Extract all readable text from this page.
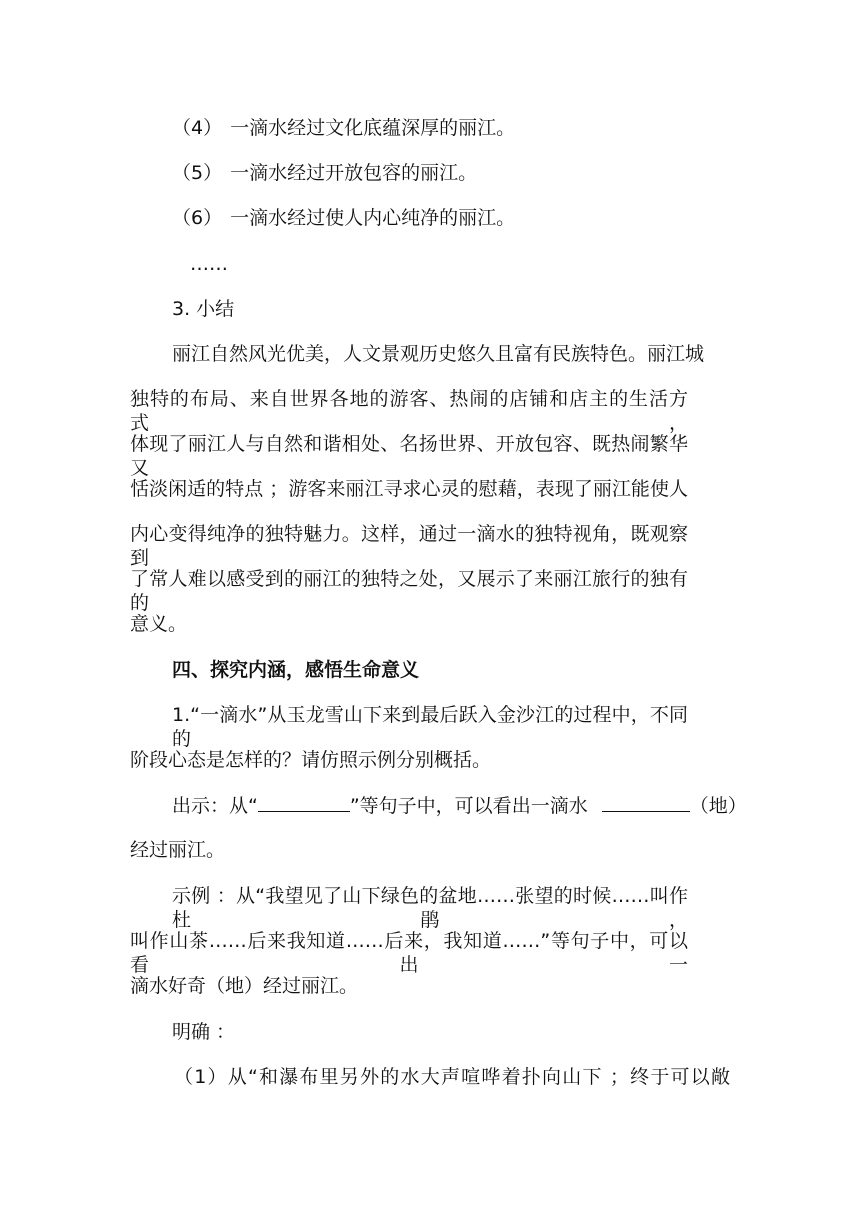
（4） 一滴水经过文化底蕴深厚的丽江。
（5） 一滴水经过开放包容的丽江。
（6） 一滴水经过使人内心纯净的丽江。
……
3. 小结
丽江自然风光优美，人文景观历史悠久且富有民族特色。丽江城
独特的布局、来自世界各地的游客、热闹的店铺和店主的生活方式，
体现了丽江人与自然和谐相处、名扬世界、开放包容、既热闹繁华又
恬淡闲适的特点 ；游客来丽江寻求心灵的慰藉，表现了丽江能使人
内心变得纯净的独特魅力。这样，通过一滴水的独特视角，既观察到
了常人难以感受到的丽江的独特之处，又展示了来丽江旅行的独有的
意义。
四、探究内涵，感悟生命意义
1.“一滴水”从玉龙雪山下来到最后跃入金沙江的过程中，不同的
阶段心态是怎样的？请仿照示例分别概括。
出示：从“	”等句子中，可以看出一滴水	（地）
经过丽江。
示例 ：从“我望见了山下绿色的盆地……张望的时候……叫作杜鹃，
叫作山茶……后来我知道……后来，我知道……”等句子中，可以看出一
滴水好奇（地）经过丽江。
明确 ：
（1）从“和瀑布里另外的水大声喧哗着扑向山下 ；终于可以敞
